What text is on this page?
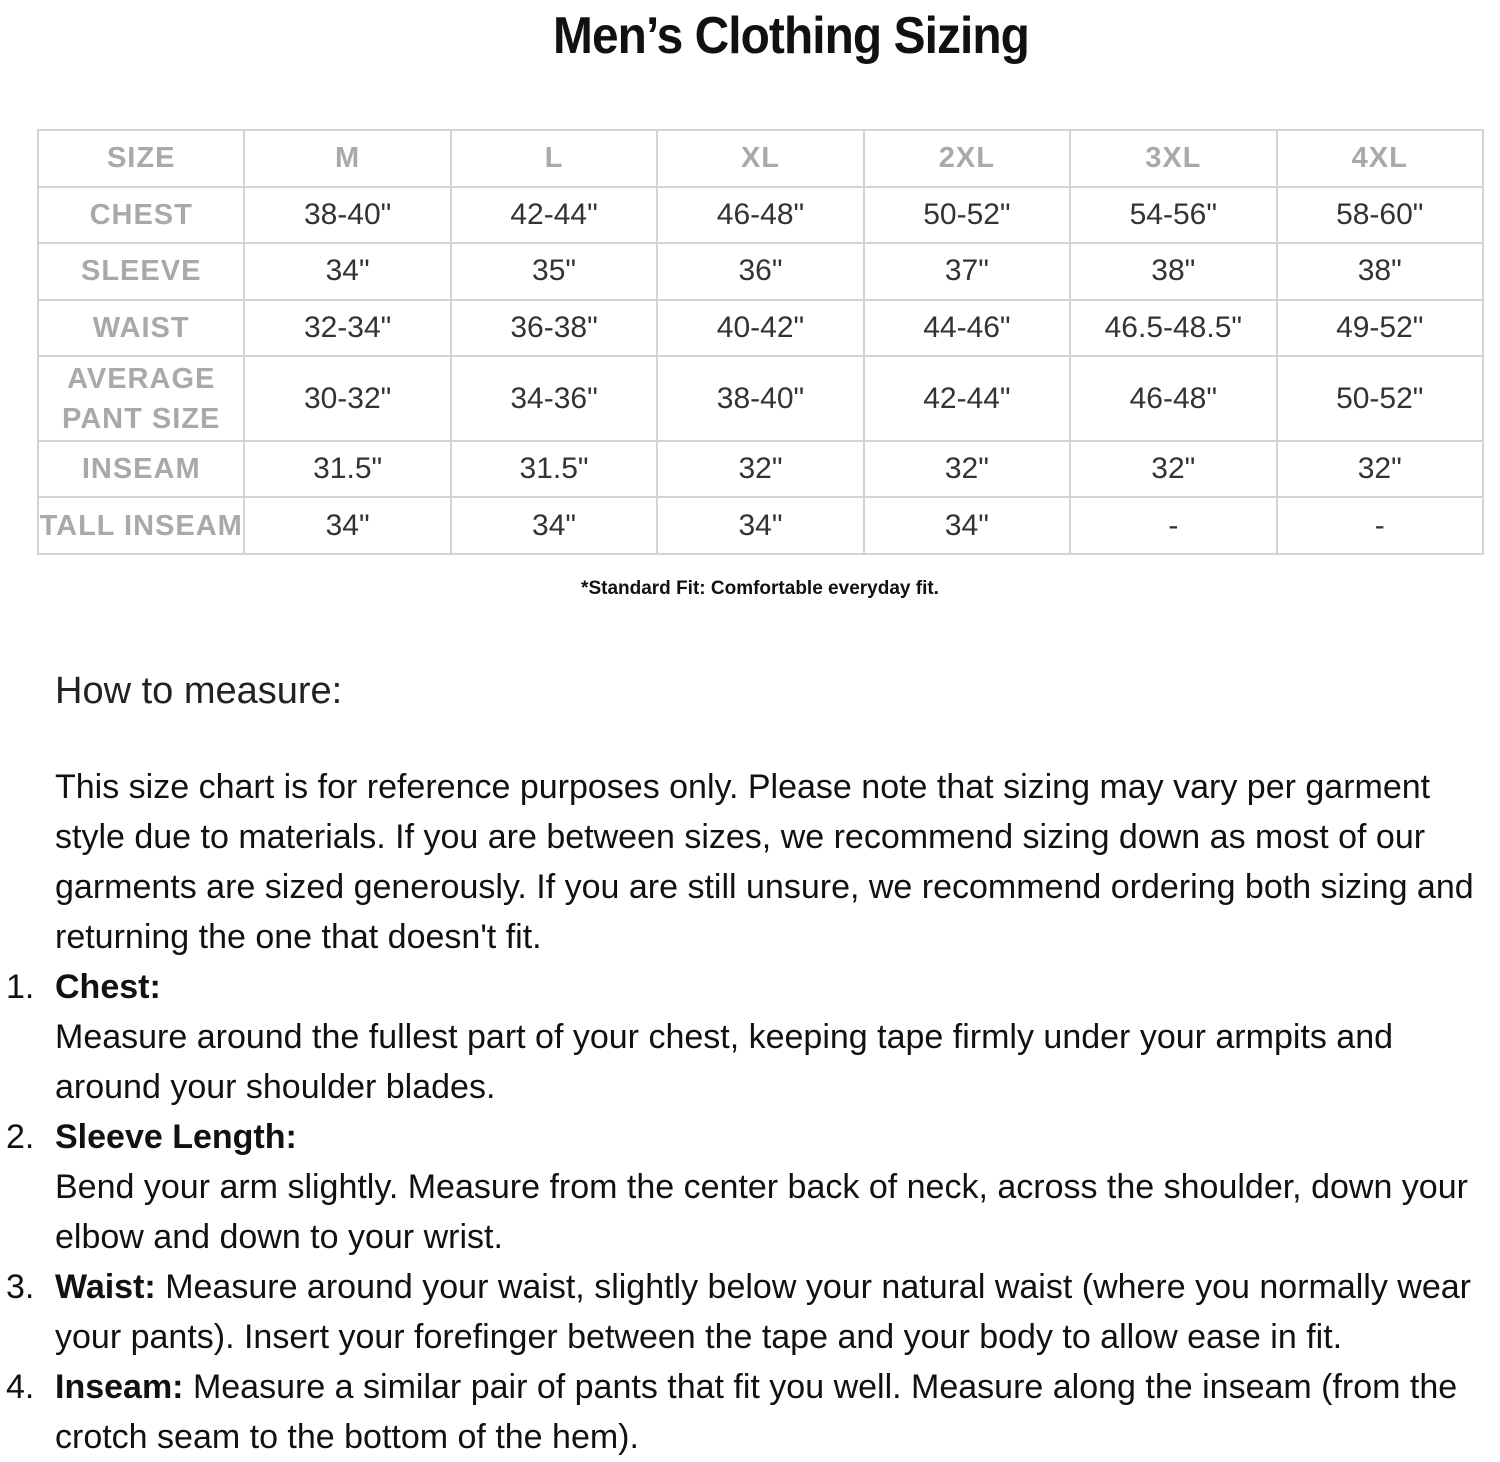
Men’s Clothing Sizing
SIZE	M	L	XL	2XL	3XL	4XL
CHEST	38-40"	42-44"	46-48"	50-52"	54-56"	58-60"
SLEEVE	34"	35"	36"	37"	38"	38"
WAIST	32-34"	36-38"	40-42"	44-46"	46.5-48.5"	49-52"
AVERAGE
PANT SIZE	30-32"	34-36"	38-40"	42-44"	46-48"	50-52"
INSEAM	31.5"	31.5"	32"	32"	32"	32"
TALL INSEAM	34"	34"	34"	34"	-	-
*Standard Fit: Comfortable everyday fit.
How to measure:
This size chart is for reference purposes only. Please note that sizing may vary per garment style due to materials. If you are between sizes, we recommend sizing down as most of our garments are sized generously. If you are still unsure, we recommend ordering both sizing and returning the one that doesn't fit.
1. Chest:
Measure around the fullest part of your chest, keeping tape firmly under your armpits and around your shoulder blades.
2. Sleeve Length:
Bend your arm slightly. Measure from the center back of neck, across the shoulder, down your elbow and down to your wrist.
3. Waist: Measure around your waist, slightly below your natural waist (where you normally wear your pants). Insert your forefinger between the tape and your body to allow ease in fit.
4. Inseam: Measure a similar pair of pants that fit you well. Measure along the inseam (from the crotch seam to the bottom of the hem).
